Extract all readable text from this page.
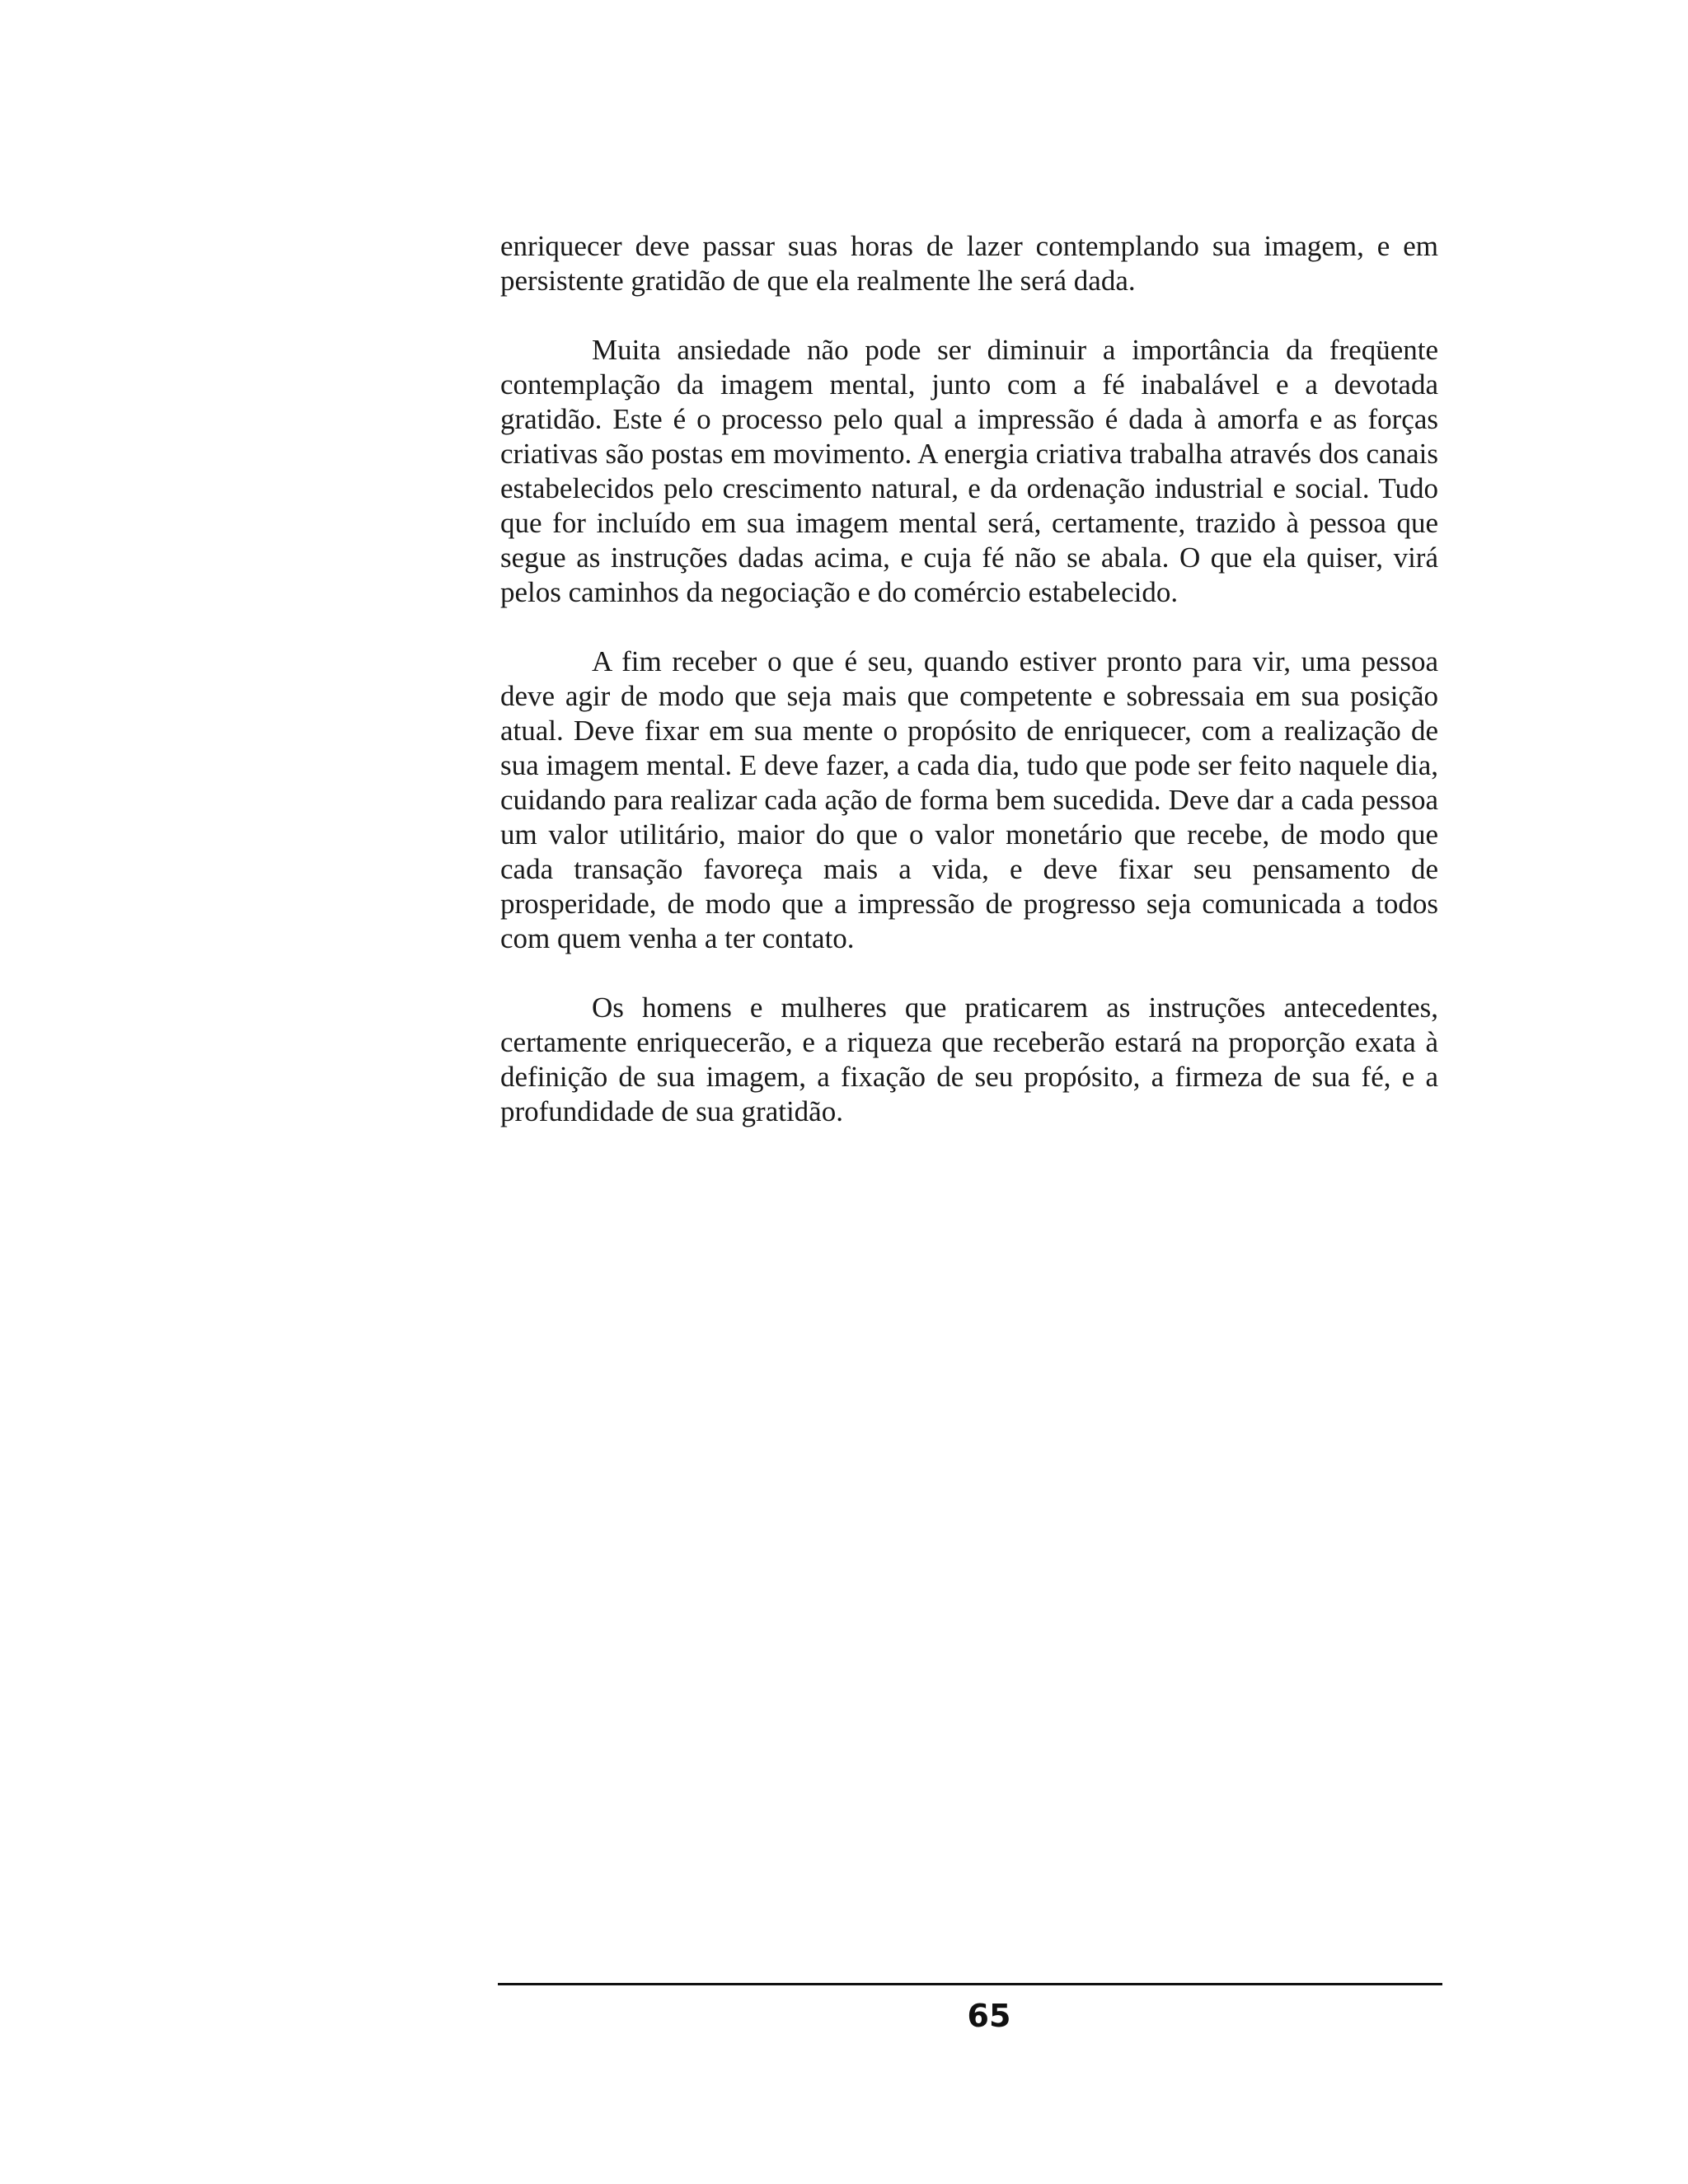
enriquecer deve passar suas horas de lazer contemplando sua imagem, e em persistente gratidão de que ela realmente lhe será dada.

Muita ansiedade não pode ser diminuir a importância da freqüente contemplação da imagem mental, junto com a fé inabalável e a devotada gratidão. Este é o processo pelo qual a impressão é dada à amorfa e as forças criativas são postas em movimento. A energia criativa trabalha através dos canais estabelecidos pelo crescimento natural, e da ordenação industrial e social. Tudo que for incluído em sua imagem mental será, certamente, trazido à pessoa que segue as instruções dadas acima, e cuja fé não se abala. O que ela quiser, virá pelos caminhos da negociação e do comércio estabelecido.

A fim receber o que é seu, quando estiver pronto para vir, uma pessoa deve agir de modo que seja mais que competente e sobressaia em sua posição atual. Deve fixar em sua mente o propósito de enriquecer, com a realização de sua imagem mental. E deve fazer, a cada dia, tudo que pode ser feito naquele dia, cuidando para realizar cada ação de forma bem sucedida. Deve dar a cada pessoa um valor utilitário, maior do que o valor monetário que recebe, de modo que cada transação favoreça mais a vida, e deve fixar seu pensamento de prosperidade, de modo que a impressão de progresso seja comunicada a todos com quem venha a ter contato.

Os homens e mulheres que praticarem as instruções antecedentes, certamente enriquecerão, e a riqueza que receberão estará na proporção exata à definição de sua imagem, a fixação de seu propósito, a firmeza de sua fé, e a profundidade de sua gratidão.

65
